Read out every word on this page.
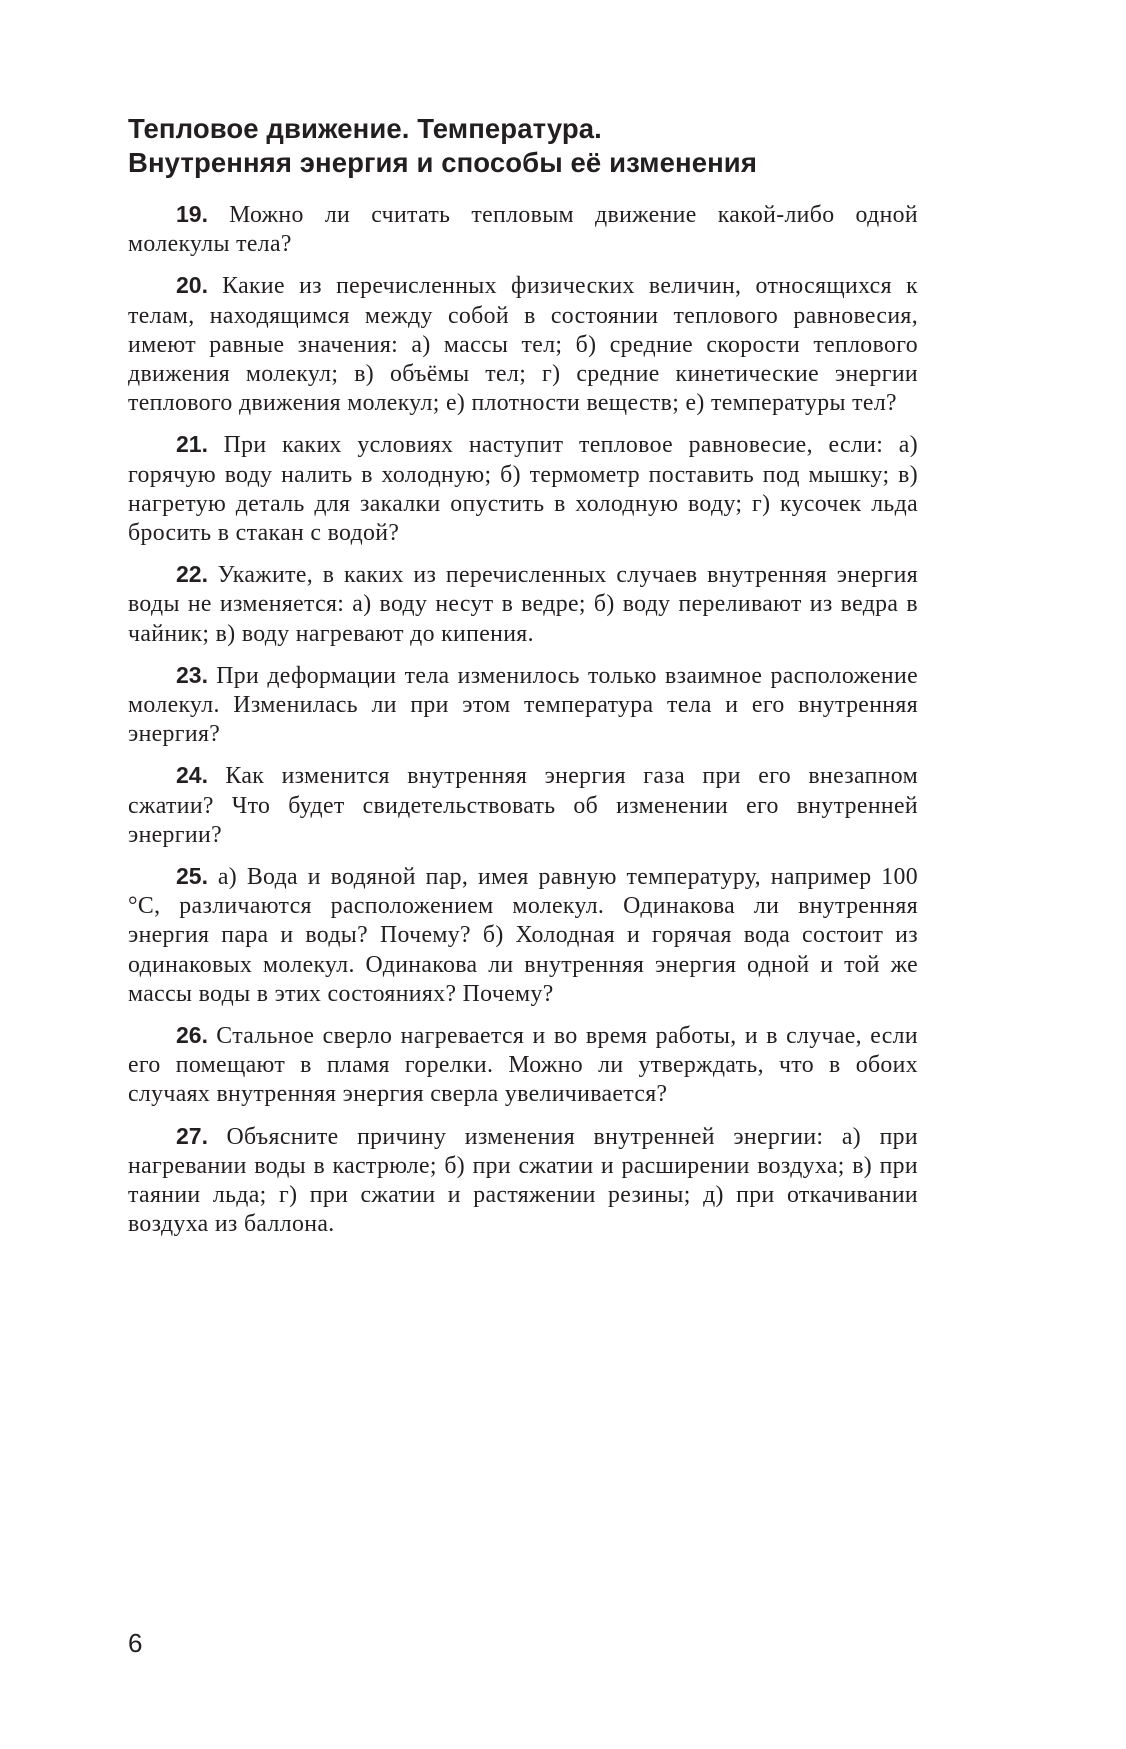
Тепловое движение. Температура.
Внутренняя энергия и способы её изменения

19. Можно ли считать тепловым движение какой-либо одной молекулы тела?

20. Какие из перечисленных физических величин, относящихся к телам, находящимся между собой в состоянии теплового равновесия, имеют равные значения: а) массы тел; б) средние скорости теплового движения молекул; в) объёмы тел; г) средние кинетические энергии теплового движения молекул; е) плотности веществ; е) температуры тел?

21. При каких условиях наступит тепловое равновесие, если: а) горячую воду налить в холодную; б) термометр поставить под мышку; в) нагретую деталь для закалки опустить в холодную воду; г) кусочек льда бросить в стакан с водой?

22. Укажите, в каких из перечисленных случаев внутренняя энергия воды не изменяется: а) воду несут в ведре; б) воду переливают из ведра в чайник; в) воду нагревают до кипения.

23. При деформации тела изменилось только взаимное расположение молекул. Изменилась ли при этом температура тела и его внутренняя энергия?

24. Как изменится внутренняя энергия газа при его внезапном сжатии? Что будет свидетельствовать об изменении его внутренней энергии?

25. а) Вода и водяной пар, имея равную температуру, например 100 °С, различаются расположением молекул. Одинакова ли внутренняя энергия пара и воды? Почему? б) Холодная и горячая вода состоит из одинаковых молекул. Одинакова ли внутренняя энергия одной и той же массы воды в этих состояниях? Почему?

26. Стальное сверло нагревается и во время работы, и в случае, если его помещают в пламя горелки. Можно ли утверждать, что в обоих случаях внутренняя энергия сверла увеличивается?

27. Объясните причину изменения внутренней энергии: а) при нагревании воды в кастрюле; б) при сжатии и расширении воздуха; в) при таянии льда; г) при сжатии и растяжении резины; д) при откачивании воздуха из баллона.

6
